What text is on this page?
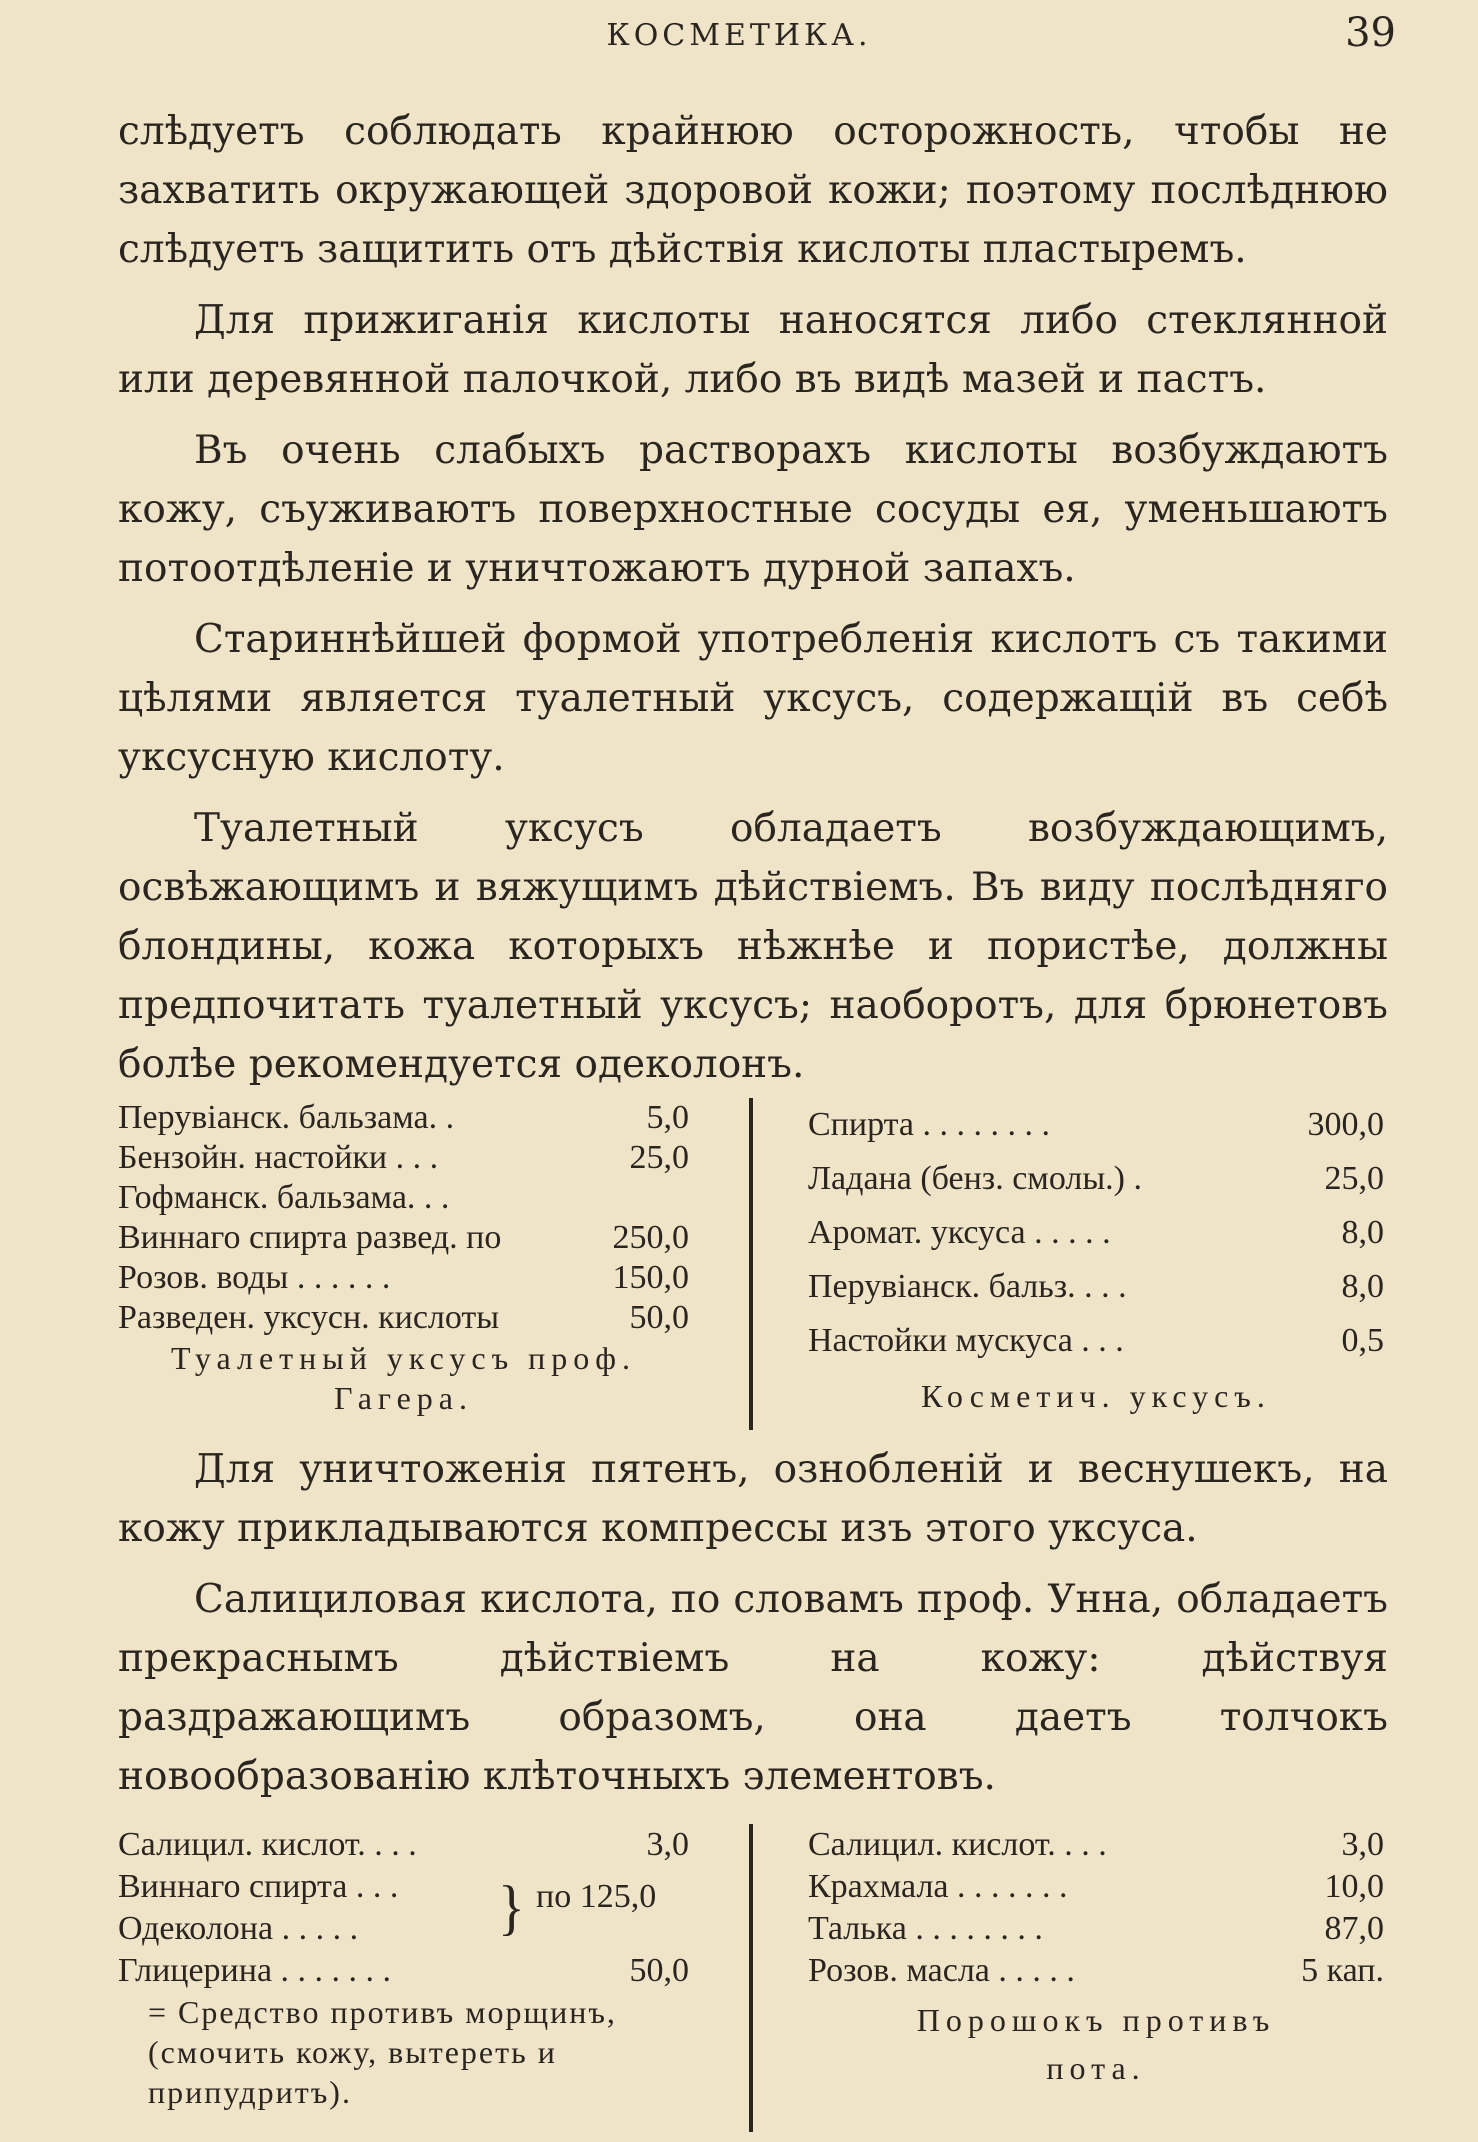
КОСМЕТИКА.	39

слѣдуетъ соблюдать крайнюю осторожность, чтобы не захватить окружающей здоровой кожи; поэтому послѣднюю слѣдуетъ защитить отъ дѣйствія кислоты пластыремъ.

Для прижиганія кислоты наносятся либо стеклянной или деревянной палочкой, либо въ видѣ мазей и пастъ.

Въ очень слабыхъ растворахъ кислоты возбуждаютъ кожу, съуживаютъ поверхностные сосуды ея, уменьшаютъ потоотдѣленіе и уничтожаютъ дурной запахъ.

Стариннѣйшей формой употребленія кислотъ съ такими цѣлями является туалетный уксусъ, содержащій въ себѣ уксусную кислоту.

Туалетный уксусъ обладаетъ возбуждающимъ, освѣжающимъ и вяжущимъ дѣйствіемъ. Въ виду послѣдняго блондины, кожа которыхъ нѣжнѣе и пористѣе, должны предпочитать туалетный уксусъ; наоборотъ, для брюнетовъ болѣе рекомендуется одеколонъ.

Перувіанск. бальзама. .	5,0
Бензойн. настойки . . .	25,0
Гофманск. бальзама. . .
Виннаго спирта развед. по	250,0
Розов. воды . . . . . .	150,0
Разведен. уксусн. кислоты	50,0
Туалетный уксусъ проф.
Гагера.
Спирта . . . . . . . .	300,0
Ладана (бенз. смолы.) .	25,0
Аромат. уксуса . . . . .	8,0
Перувіанск. бальз. . . .	8,0
Настойки мускуса . . .	0,5
Косметич. уксусъ.

Для уничтоженія пятенъ, ознобленій и веснушекъ, на кожу прикладываются компрессы изъ этого уксуса.

Салициловая кислота, по словамъ проф. Унна, обладаетъ прекраснымъ дѣйствіемъ на кожу: дѣйствуя раздражающимъ образомъ, она даетъ толчокъ новообразованію клѣточныхъ элементовъ.

Салицил. кислот. . . .	3,0
Виннаго спирта . . .
Одеколона . . . . . } по 125,0
Глицерина . . . . . . .	50,0
= Средство противъ морщинъ, (смочить кожу, вытереть и припудритъ).
Салицил. кислот. . . .	3,0
Крахмала . . . . . . .	10,0
Талька . . . . . . . .	87,0
Розов. масла . . . . .	5 кап.
Порошокъ противъ
пота.
